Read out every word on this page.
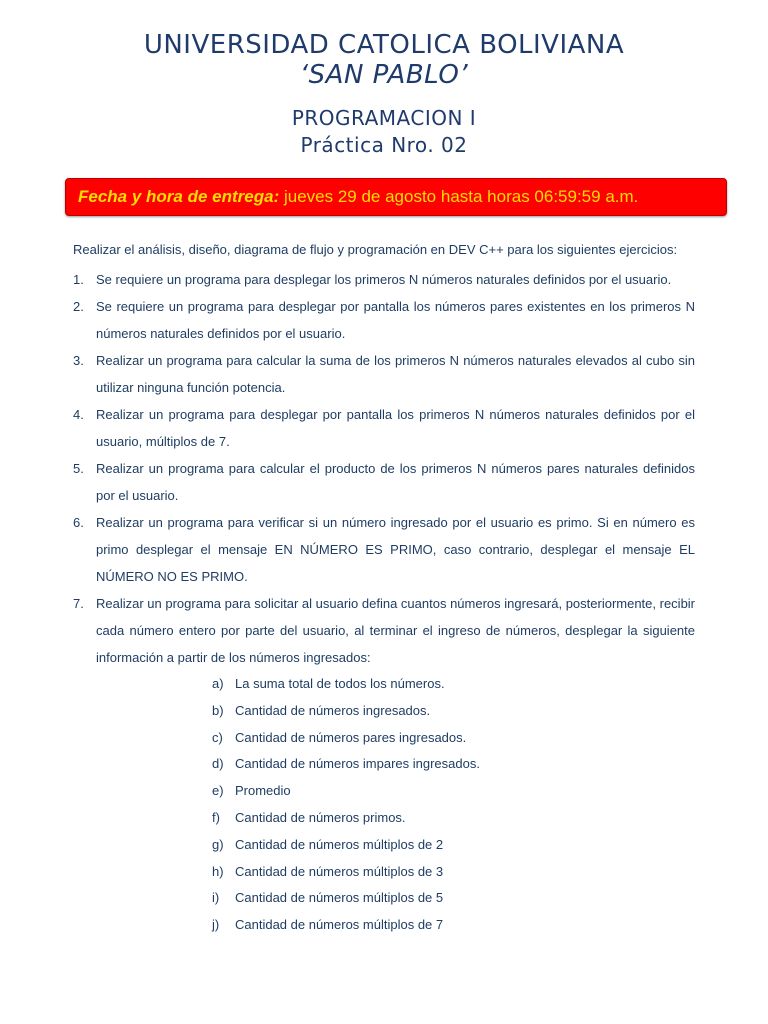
UNIVERSIDAD CATOLICA BOLIVIANA
‘SAN PABLO’
PROGRAMACION I
Práctica Nro. 02
Fecha y hora de entrega: jueves 29 de agosto hasta horas 06:59:59 a.m.

Realizar el análisis, diseño, diagrama de flujo y programación en DEV C++ para los siguientes ejercicios:

1. Se requiere un programa para desplegar los primeros N números naturales definidos por el usuario.

2. Se requiere un programa para desplegar por pantalla los números pares existentes en los primeros N números naturales definidos por el usuario.

3. Realizar un programa para calcular la suma de los primeros N números naturales elevados al cubo sin utilizar ninguna función potencia.

4. Realizar un programa para desplegar por pantalla los primeros N números naturales definidos por el usuario, múltiplos de 7.

5. Realizar un programa para calcular el producto de los primeros N números pares naturales definidos por el usuario.

6. Realizar un programa para verificar si un número ingresado por el usuario es primo. Si en número es primo desplegar el mensaje EN NÚMERO ES PRIMO, caso contrario, desplegar el mensaje EL NÚMERO NO ES PRIMO.

7. Realizar un programa para solicitar al usuario defina cuantos números ingresará, posteriormente, recibir cada número entero por parte del usuario, al terminar el ingreso de números, desplegar la siguiente información a partir de los números ingresados:

a) La suma total de todos los números.
b) Cantidad de números ingresados.
c) Cantidad de números pares ingresados.
d) Cantidad de números impares ingresados.
e) Promedio
f) Cantidad de números primos.
g) Cantidad de números múltiplos de 2
h) Cantidad de números múltiplos de 3
i) Cantidad de números múltiplos de 5
j) Cantidad de números múltiplos de 7
